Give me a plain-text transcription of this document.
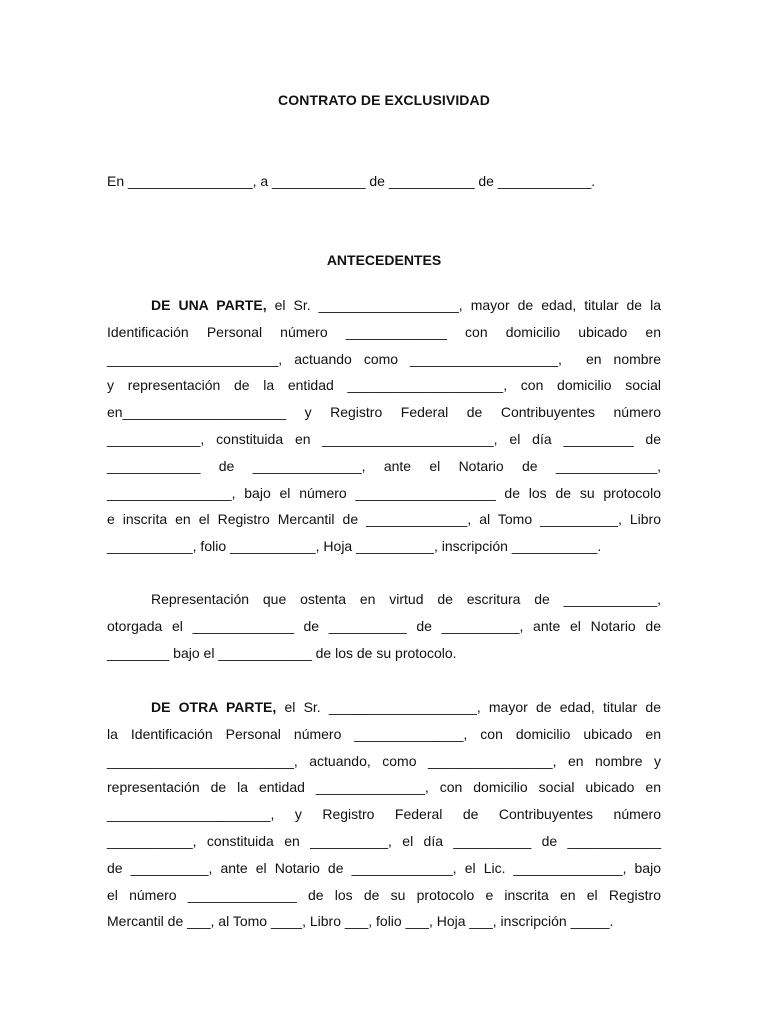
CONTRATO DE EXCLUSIVIDAD
En ________________, a ____________ de ___________ de ____________.
ANTECEDENTES
DE UNA PARTE, el Sr. __________________, mayor de edad, titular de la
Identificación Personal número _____________ con domicilio ubicado en
______________________, actuando como ___________________,  en nombre
y representación de la entidad ____________________, con domicilio social
en_____________________ y Registro Federal de Contribuyentes número
____________, constituida en ______________________, el día _________ de
____________ de ______________, ante el Notario de _____________,
________________, bajo el número __________________ de los de su protocolo
e inscrita en el Registro Mercantil de _____________, al Tomo __________, Libro
___________, folio ___________, Hoja __________, inscripción ___________.
Representación que ostenta en virtud de escritura de ____________,
otorgada el _____________ de __________ de __________, ante el Notario de
________ bajo el ____________ de los de su protocolo.
DE OTRA PARTE, el Sr. ___________________, mayor de edad, titular de
la Identificación Personal número ______________, con domicilio ubicado en
________________________, actuando, como ________________, en nombre y
representación de la entidad ______________, con domicilio social ubicado en
_____________________, y Registro Federal de Contribuyentes número
___________, constituida en __________, el día __________ de ____________
de __________, ante el Notario de _____________, el Lic. ______________, bajo
el número ______________ de los de su protocolo e inscrita en el Registro
Mercantil de ___, al Tomo ____, Libro ___, folio ___, Hoja ___, inscripción _____.
